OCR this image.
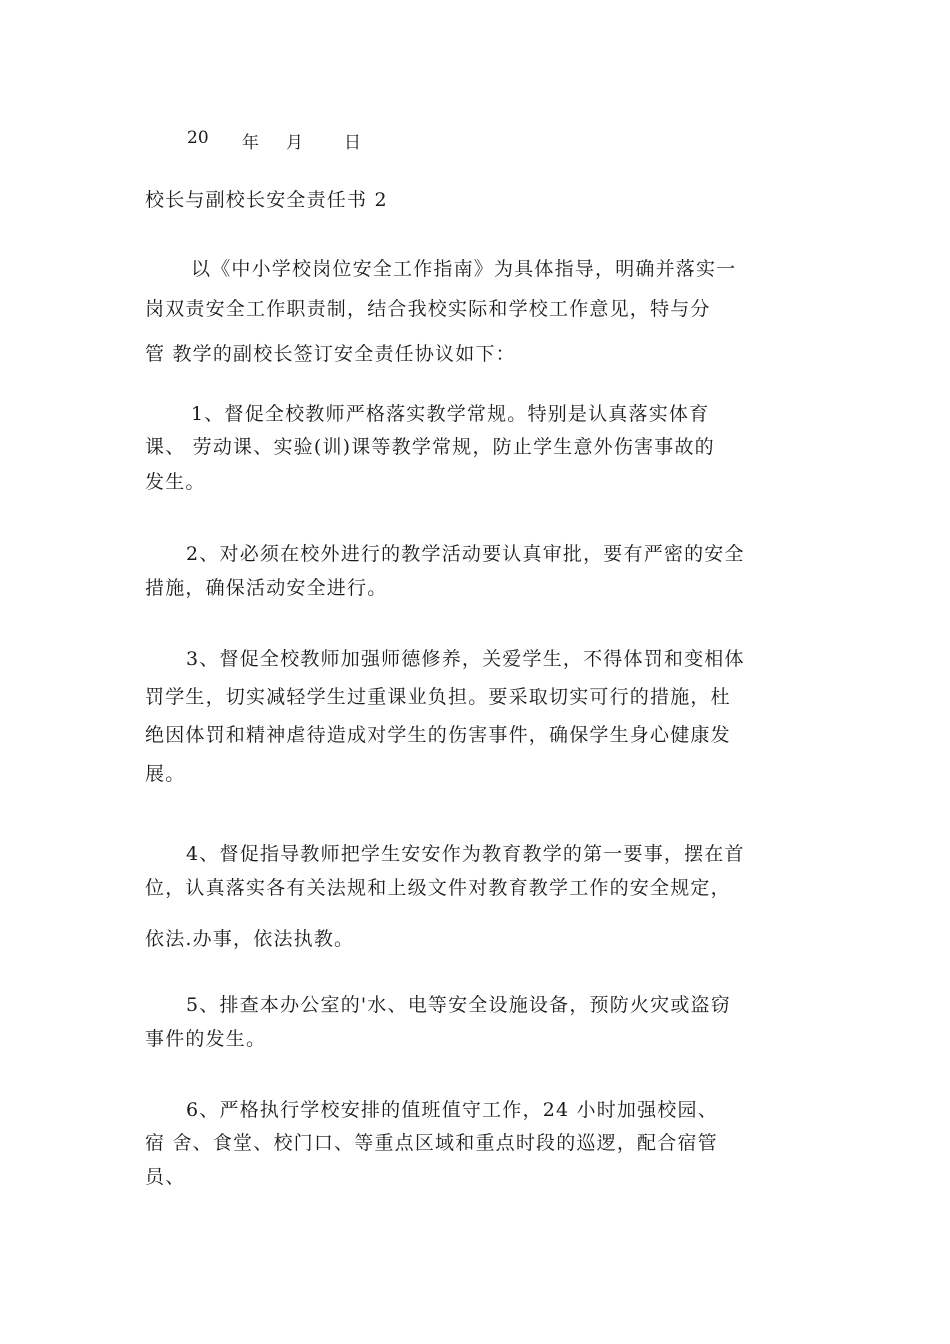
20 年 月 日
校长与副校长安全责任书 2
以《中小学校岗位安全工作指南》为具体指导，明确并落实一
岗双责安全工作职责制，结合我校实际和学校工作意见，特与分
管 教学的副校长签订安全责任协议如下：
1、督促全校教师严格落实教学常规。特别是认真落实体育
课、 劳动课、实验(训)课等教学常规，防止学生意外伤害事故的
发生。
2、对必须在校外进行的教学活动要认真审批，要有严密的安全
措施，确保活动安全进行。
3、督促全校教师加强师德修养，关爱学生，不得体罚和变相体
罚学生，切实减轻学生过重课业负担。要采取切实可行的措施，杜
绝因体罚和精神虐待造成对学生的伤害事件，确保学生身心健康发
展。
4、督促指导教师把学生安安作为教育教学的第一要事，摆在首
位，认真落实各有关法规和上级文件对教育教学工作的安全规定，
依法.办事，依法执教。
5、排查本办公室的'水、电等安全设施设备，预防火灾或盗窃
事件的发生。
6、严格执行学校安排的值班值守工作，24 小时加强校园、
宿 舍、食堂、校门口、等重点区域和重点时段的巡逻，配合宿管
员、
